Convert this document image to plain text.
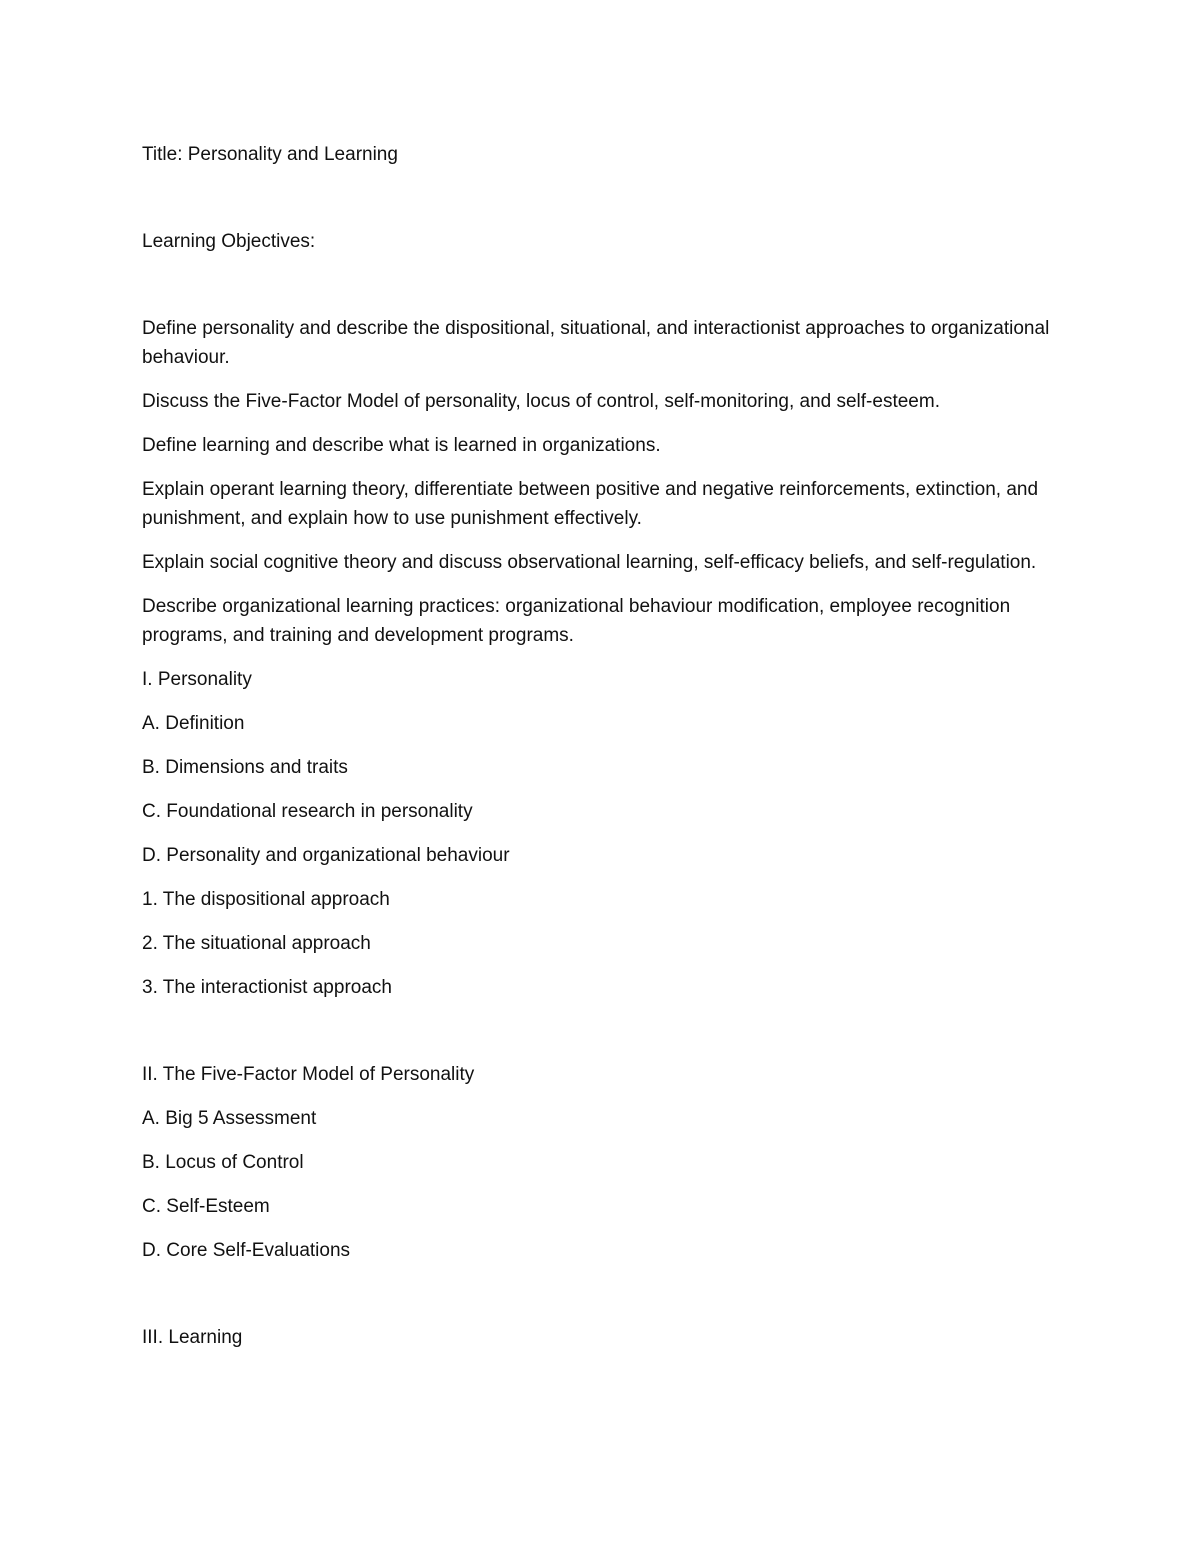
Title: Personality and Learning

Learning Objectives:

Define personality and describe the dispositional, situational, and interactionist approaches to organizational behaviour.

Discuss the Five-Factor Model of personality, locus of control, self-monitoring, and self-esteem.

Define learning and describe what is learned in organizations.

Explain operant learning theory, differentiate between positive and negative reinforcements, extinction, and punishment, and explain how to use punishment effectively.

Explain social cognitive theory and discuss observational learning, self-efficacy beliefs, and self-regulation.

Describe organizational learning practices: organizational behaviour modification, employee recognition programs, and training and development programs.

I. Personality

A. Definition

B. Dimensions and traits

C. Foundational research in personality

D. Personality and organizational behaviour

1. The dispositional approach

2. The situational approach

3. The interactionist approach

II. The Five-Factor Model of Personality

A. Big 5 Assessment

B. Locus of Control

C. Self-Esteem

D. Core Self-Evaluations

III. Learning
